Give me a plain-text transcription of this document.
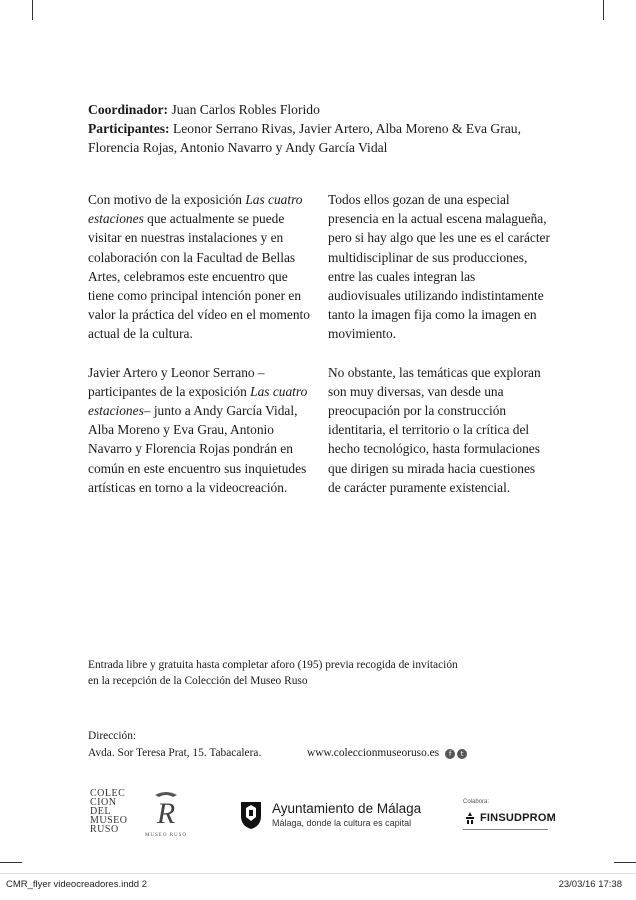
Coordinador: Juan Carlos Robles Florido
Participantes: Leonor Serrano Rivas, Javier Artero, Alba Moreno & Eva Grau, Florencia Rojas, Antonio Navarro y Andy García Vidal

Con motivo de la exposición Las cuatro estaciones que actualmente se puede visitar en nuestras instalaciones y en colaboración con la Facultad de Bellas Artes, celebramos este encuentro que tiene como principal intención poner en valor la práctica del vídeo en el momento actual de la cultura.

Javier Artero y Leonor Serrano –participantes de la exposición Las cuatro estaciones– junto a Andy García Vidal, Alba Moreno y Eva Grau, Antonio Navarro y Florencia Rojas pondrán en común en este encuentro sus inquietudes artísticas en torno a la videocreación.

Todos ellos gozan de una especial presencia en la actual escena malagueña, pero si hay algo que les une es el carácter multidisciplinar de sus producciones, entre las cuales integran las audiovisuales utilizando indistintamente tanto la imagen fija como la imagen en movimiento.

No obstante, las temáticas que exploran son muy diversas, van desde una preocupación por la construcción identitaria, el territorio o la crítica del hecho tecnológico, hasta formulaciones que dirigen su mirada hacia cuestiones de carácter puramente existencial.

Entrada libre y gratuita hasta completar aforo (195) previa recogida de invitación
en la recepción de la Colección del Museo Ruso
Dirección:
Avda. Sor Teresa Prat, 15. Tabacalera.	www.coleccionmuseoruso.es	f	t
COLEC
CION
DEL
MUSEO
RUSO R
MUSEO RUSO
Ayuntamiento de Málaga
Málaga, donde la cultura es capital
Colabora:
FINSUDPROM
CMR_flyer videocreadores.indd 2	23/03/16 17:38
